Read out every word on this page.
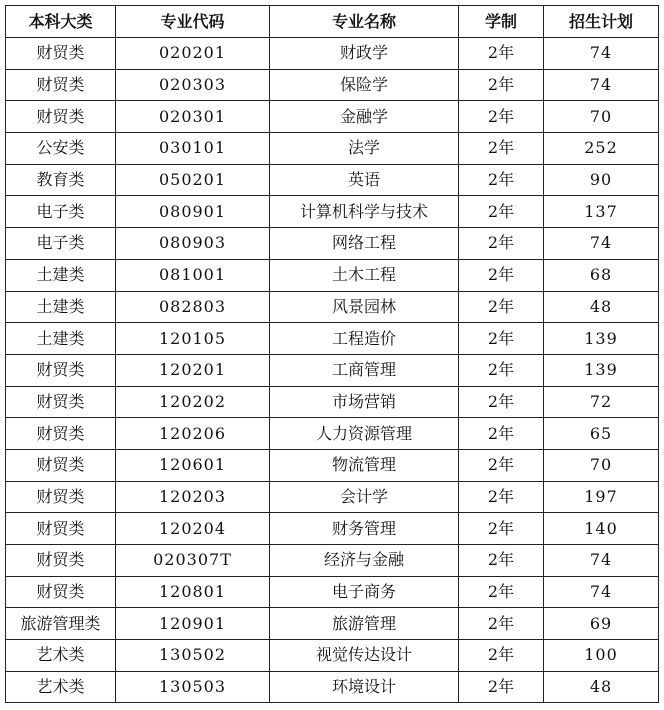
本科大类	专业代码	专业名称	学制	招生计划
财贸类	020201	财政学	2年	74
财贸类	020303	保险学	2年	74
财贸类	020301	金融学	2年	70
公安类	030101	法学	2年	252
教育类	050201	英语	2年	90
电子类	080901	计算机科学与技术	2年	137
电子类	080903	网络工程	2年	74
土建类	081001	土木工程	2年	68
土建类	082803	风景园林	2年	48
土建类	120105	工程造价	2年	139
财贸类	120201	工商管理	2年	139
财贸类	120202	市场营销	2年	72
财贸类	120206	人力资源管理	2年	65
财贸类	120601	物流管理	2年	70
财贸类	120203	会计学	2年	197
财贸类	120204	财务管理	2年	140
财贸类	020307T	经济与金融	2年	74
财贸类	120801	电子商务	2年	74
旅游管理类	120901	旅游管理	2年	69
艺术类	130502	视觉传达设计	2年	100
艺术类	130503	环境设计	2年	48
